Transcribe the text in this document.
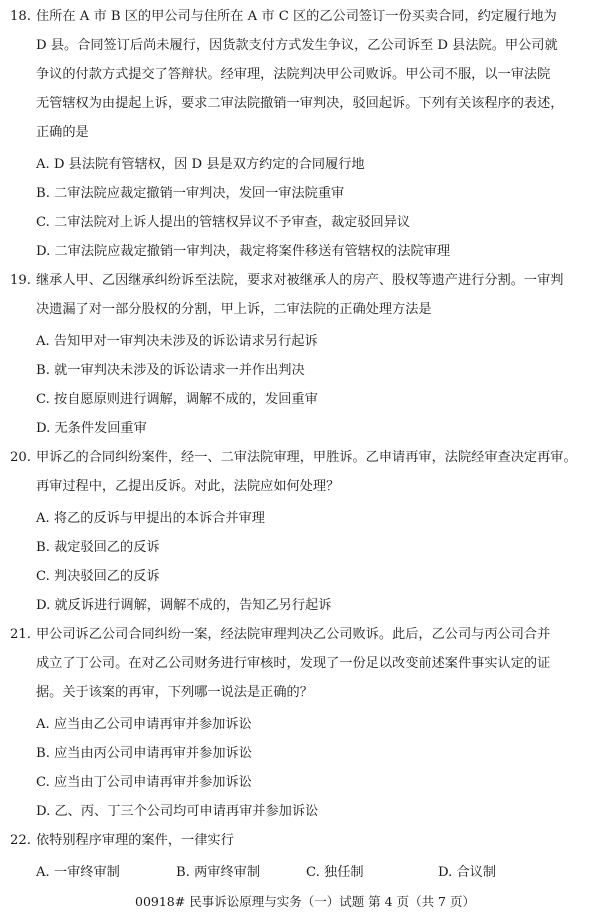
18. 住所在 A 市 B 区的甲公司与住所在 A 市 C 区的乙公司签订一份买卖合同，约定履行地为
D 县。合同签订后尚未履行，因货款支付方式发生争议，乙公司诉至 D 县法院。甲公司就
争议的付款方式提交了答辩状。经审理，法院判决甲公司败诉。甲公司不服，以一审法院
无管辖权为由提起上诉，要求二审法院撤销一审判决，驳回起诉。下列有关该程序的表述，
正确的是
A. D 县法院有管辖权，因 D 县是双方约定的合同履行地
B. 二审法院应裁定撤销一审判决，发回一审法院重审
C. 二审法院对上诉人提出的管辖权异议不予审查，裁定驳回异议
D. 二审法院应裁定撤销一审判决，裁定将案件移送有管辖权的法院审理
19. 继承人甲、乙因继承纠纷诉至法院，要求对被继承人的房产、股权等遗产进行分割。一审判
决遗漏了对一部分股权的分割，甲上诉，二审法院的正确处理方法是
A. 告知甲对一审判决未涉及的诉讼请求另行起诉
B. 就一审判决未涉及的诉讼请求一并作出判决
C. 按自愿原则进行调解，调解不成的，发回重审
D. 无条件发回重审
20. 甲诉乙的合同纠纷案件，经一、二审法院审理，甲胜诉。乙申请再审，法院经审查决定再审。
再审过程中，乙提出反诉。对此，法院应如何处理？
A. 将乙的反诉与甲提出的本诉合并审理
B. 裁定驳回乙的反诉
C. 判决驳回乙的反诉
D. 就反诉进行调解，调解不成的，告知乙另行起诉
21. 甲公司诉乙公司合同纠纷一案，经法院审理判决乙公司败诉。此后，乙公司与丙公司合并
成立了丁公司。在对乙公司财务进行审核时，发现了一份足以改变前述案件事实认定的证
据。关于该案的再审，下列哪一说法是正确的？
A. 应当由乙公司申请再审并参加诉讼
B. 应当由丙公司申请再审并参加诉讼
C. 应当由丁公司申请再审并参加诉讼
D. 乙、丙、丁三个公司均可申请再审并参加诉讼
22. 依特别程序审理的案件，一律实行
A. 一审终审制	B. 两审终审制	C. 独任制	D. 合议制
00918# 民事诉讼原理与实务（一）试题 第 4 页（共 7 页）
